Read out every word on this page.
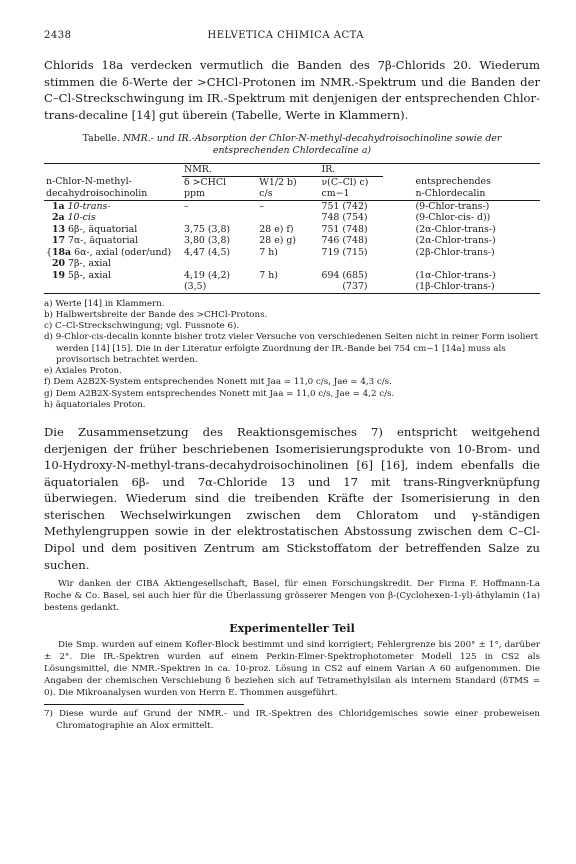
2438	HELVETICA CHIMICA ACTA
Chlorids 18a verdecken vermutlich die Banden des 7β-Chlorids 20. Wiederum stimmen die δ-Werte der >CHCl-Protonen im NMR.-Spektrum und die Banden der C–Cl-Streckschwingung im IR.-Spektrum mit denjenigen der entsprechenden Chlor-trans-decaline [14] gut überein (Tabelle, Werte in Klammern).
Tabelle. NMR.- und IR.-Absorption der Chlor-N-methyl-decahydroisochinoline sowie der entsprechenden Chlordecaline a)
	NMR.		IR.		
n-Chlor-N-methyl-	δ >CHCl	W1/2 b)	ν(C–Cl) c)		entsprechendes
decahydroisochinolin	ppm	c/s	cm−1		n-Chlordecalin
1a 10-trans-	–	–	751 (742)		(9-Chlor-trans-)
2a 10-cis			748 (754)		(9-Chlor-cis- d))
13 6β-, äquatorial	3,75 (3,8)	28 e) f)	751 (748)		(2α-Chlor-trans-)
17 7α-, äquatorial	3,80 (3,8)	28 e) g)	746 (748)		(2α-Chlor-trans-)
{18a 6α-, axial (oder/und)	4,47 (4,5)	7 h)	719 (715)		(2β-Chlor-trans-)
20 7β-, axial					
19 5β-, axial	4,19 (4,2)	7 h)	694 (685)		(1α-Chlor-trans-)
	(3,5)		(737)		(1β-Chlor-trans-)
a) Werte [14] in Klammern.
b) Halbwertsbreite der Bande des >CHCl-Protons.
c) C–Cl-Streckschwingung; vgl. Fussnote 6).
d) 9-Chlor-cis-decalin konnte bisher trotz vieler Versuche von verschiedenen Seiten nicht in reiner Form isoliert werden [14] [15]. Die in der Literatur erfolgte Zuordnung der IR.-Bande bei 754 cm−1 [14a] muss als provisorisch betrachtet werden.
e) Axiales Proton.
f) Dem A2B2X-System entsprechendes Nonett mit Jaa = 11,0 c/s, Jae = 4,3 c/s.
g) Dem A2B2X-System entsprechendes Nonett mit Jaa = 11,0 c/s, Jae = 4,2 c/s.
h) äquatoriales Proton.
Die Zusammensetzung des Reaktionsgemisches 7) entspricht weitgehend derjenigen der früher beschriebenen Isomerisierungsprodukte von 10-Brom- und 10-Hydroxy-N-methyl-trans-decahydroisochinolinen [6] [16], indem ebenfalls die äquatorialen 6β- und 7α-Chloride 13 und 17 mit trans-Ringverknüpfung überwiegen. Wiederum sind die treibenden Kräfte der Isomerisierung in den sterischen Wechselwirkungen zwischen dem Chloratom und γ-ständigen Methylengruppen sowie in der elektrostatischen Abstossung zwischen dem C–Cl-Dipol und dem positiven Zentrum am Stickstoffatom der betreffenden Salze zu suchen.
Wir danken der CIBA Aktiengesellschaft, Basel, für einen Forschungskredit. Der Firma F. Hoffmann-La Roche & Co. Basel, sei auch hier für die Überlassung grösserer Mengen von β-(Cyclohexen-1-yl)-äthylamin (1a) bestens gedankt.
Experimenteller Teil
Die Smp. wurden auf einem Kofler-Block bestimmt und sind korrigiert; Fehlergrenze bis 200° ± 1°, darüber ± 2°. Die IR.-Spektren wurden auf einem Perkin-Elmer-Spektrophotometer Modell 125 in CS2 als Lösungsmittel, die NMR.-Spektren in ca. 10-proz. Lösung in CS2 auf einem Varian A 60 aufgenommen. Die Angaben der chemischen Verschiebung δ beziehen sich auf Tetramethylsilan als internem Standard (δTMS = 0). Die Mikroanalysen wurden von Herrn E. Thommen ausgeführt.
7) Diese wurde auf Grund der NMR.- und IR.-Spektren des Chloridgemisches sowie einer probeweisen Chromatographie an Alox ermittelt.
